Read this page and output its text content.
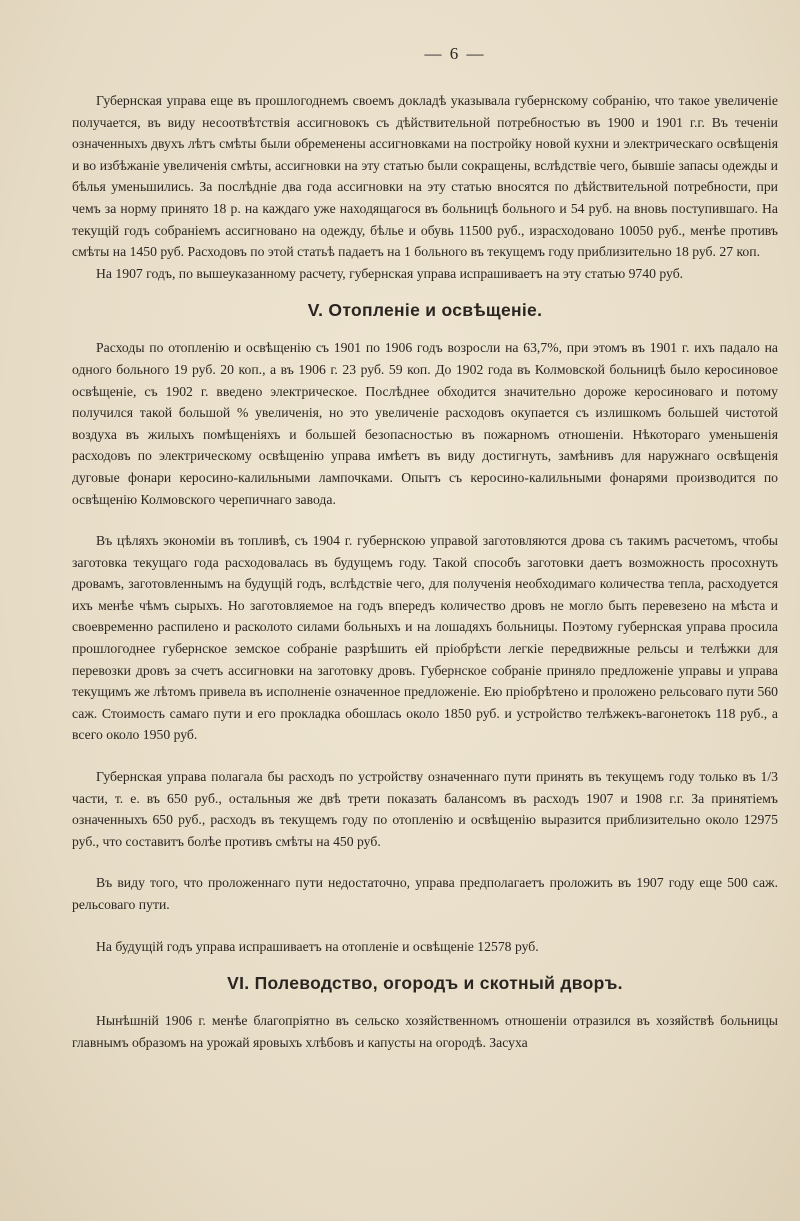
— 6 —

Губернская управа еще въ прошлогоднемъ своемъ докладѣ указывала губернскому собранію, что такое увеличеніе получается, въ виду несоотвѣтствія ассигновокъ съ дѣйствительной потребностью въ 1900 и 1901 г.г. Въ теченіи означенныхъ двухъ лѣтъ смѣты были обременены ассигновками на постройку новой кухни и электрическаго освѣщенія и во избѣжаніе увеличенія смѣты, ассигновки на эту статью были сокращены, вслѣдствіе чего, бывшіе запасы одежды и бѣлья уменьшились. За послѣдніе два года ассигновки на эту статью вносятся по дѣйствительной потребности, при чемъ за норму принято 18 р. на каждаго уже находящагося въ больницѣ больного и 54 руб. на вновь поступившаго. На текущій годъ собраніемъ ассигновано на одежду, бѣлье и обувь 11500 руб., израсходовано 10050 руб., менѣе противъ смѣты на 1450 руб. Расходовъ по этой статьѣ падаетъ на 1 больного въ текущемъ году приблизительно 18 руб. 27 коп.

На 1907 годъ, по вышеуказанному расчету, губернская управа испрашиваетъ на эту статью 9740 руб.

V. Отопленіе и освѣщеніе.

Расходы по отопленію и освѣщенію съ 1901 по 1906 годъ возросли на 63,7%, при этомъ въ 1901 г. ихъ падало на одного больного 19 руб. 20 коп., а въ 1906 г. 23 руб. 59 коп. До 1902 года въ Колмовской больницѣ было керосиновое освѣщеніе, съ 1902 г. введено электрическое. Послѣднее обходится значительно дороже керосиноваго и потому получился такой большой % увеличенія, но это увеличеніе расходовъ окупается съ излишкомъ большей чистотой воздуха въ жилыхъ помѣщеніяхъ и большей безопасностью въ пожарномъ отношеніи. Нѣкотораго уменьшенія расходовъ по электрическому освѣщенію управа имѣетъ въ виду достигнуть, замѣнивъ для наружнаго освѣщенія дуговые фонари керосино-калильными лампочками. Опытъ съ керосино-калильными фонарями производится по освѣщенію Колмовского черепичнаго завода.

Въ цѣляхъ экономіи въ топливѣ, съ 1904 г. губернскою управой заготовляются дрова съ такимъ расчетомъ, чтобы заготовка текущаго года расходовалась въ будущемъ году. Такой способъ заготовки даетъ возможность просохнуть дровамъ, заготовленнымъ на будущій годъ, вслѣдствіе чего, для полученія необходимаго количества тепла, расходуется ихъ менѣе чѣмъ сырыхъ. Но заготовляемое на годъ впередъ количество дровъ не могло быть перевезено на мѣста и своевременно распилено и расколото силами больныхъ и на лошадяхъ больницы. Поэтому губернская управа просила прошлогоднее губернское земское собраніе разрѣшить ей пріобрѣсти легкіе передвижные рельсы и телѣжки для перевозки дровъ за счетъ ассигновки на заготовку дровъ. Губернское собраніе приняло предложеніе управы и управа текущимъ же лѣтомъ привела въ исполненіе означенное предложеніе. Ею пріобрѣтено и проложено рельсоваго пути 560 саж. Стоимость самаго пути и его прокладка обошлась около 1850 руб. и устройство телѣжекъ-вагонетокъ 118 руб., а всего около 1950 руб.

Губернская управа полагала бы расходъ по устройству означеннаго пути принять въ текущемъ году только въ 1/3 части, т. е. въ 650 руб., остальныя же двѣ трети показать балансомъ въ расходъ 1907 и 1908 г.г. За принятіемъ означенныхъ 650 руб., расходъ въ текущемъ году по отопленію и освѣщенію выразится приблизительно около 12975 руб., что составитъ болѣе противъ смѣты на 450 руб.

Въ виду того, что проложеннаго пути недостаточно, управа предполагаетъ проложить въ 1907 году еще 500 саж. рельсоваго пути.

На будущій годъ управа испрашиваетъ на отопленіе и освѣщеніе 12578 руб.

VI. Полеводство, огородъ и скотный дворъ.

Нынѣшній 1906 г. менѣе благопріятно въ сельско хозяйственномъ отношеніи отразился въ хозяйствѣ больницы главнымъ образомъ на урожай яровыхъ хлѣбовъ и капусты на огородѣ. Засуха
